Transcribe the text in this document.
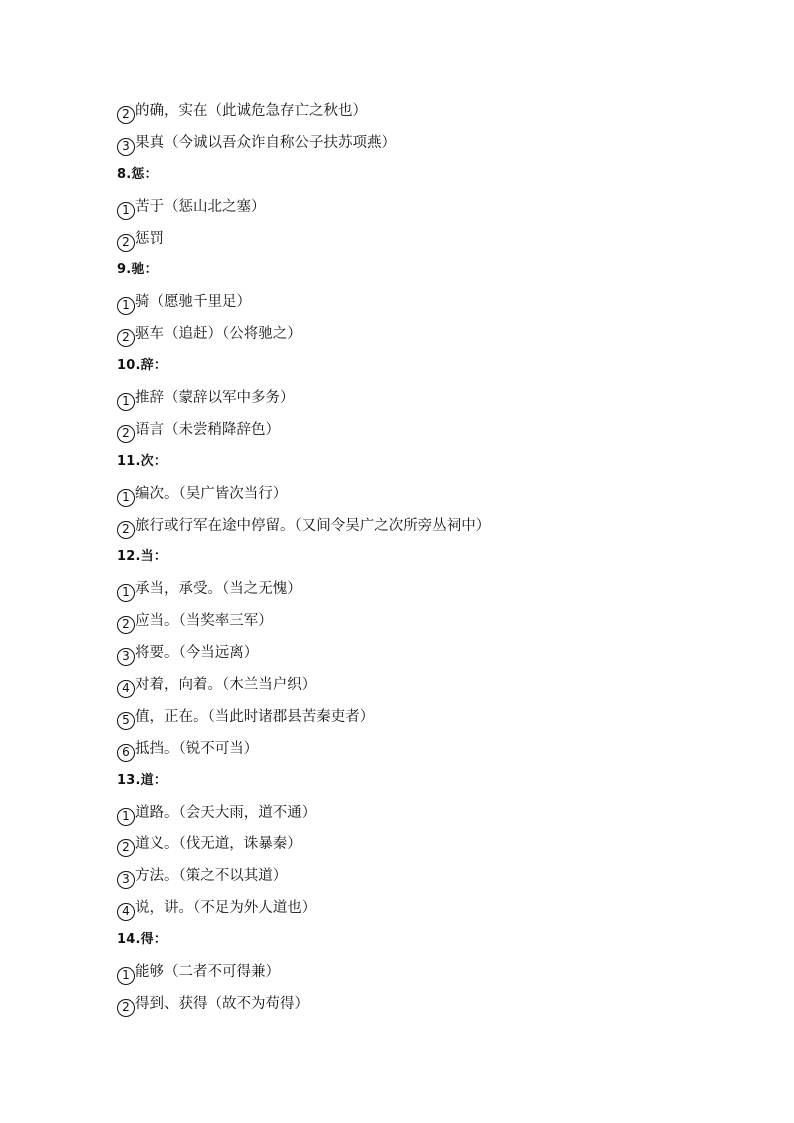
2 的确，实在（此诚危急存亡之秋也）
3 果真（今诚以吾众诈自称公子扶苏项燕）
8.惩：
1 苦于（惩山北之塞）
2 惩罚
9.驰：
1 骑（愿驰千里足）
2 驱车（追赶）（公将驰之）
10.辞：
1 推辞（蒙辞以军中多务）
2 语言（未尝稍降辞色）
11.次：
1 编次。（吴广皆次当行）
2 旅行或行军在途中停留。（又间令吴广之次所旁丛祠中）
12.当：
1 承当，承受。（当之无愧）
2 应当。（当奖率三军）
3 将要。（今当远离）
4 对着，向着。（木兰当户织）
5 值，正在。（当此时诸郡县苦秦吏者）
6 抵挡。（锐不可当）
13.道：
1 道路。（会天大雨，道不通）
2 道义。（伐无道，诛暴秦）
3 方法。（策之不以其道）
4 说，讲。（不足为外人道也）
14.得：
1 能够（二者不可得兼）
2 得到、获得（故不为苟得）
